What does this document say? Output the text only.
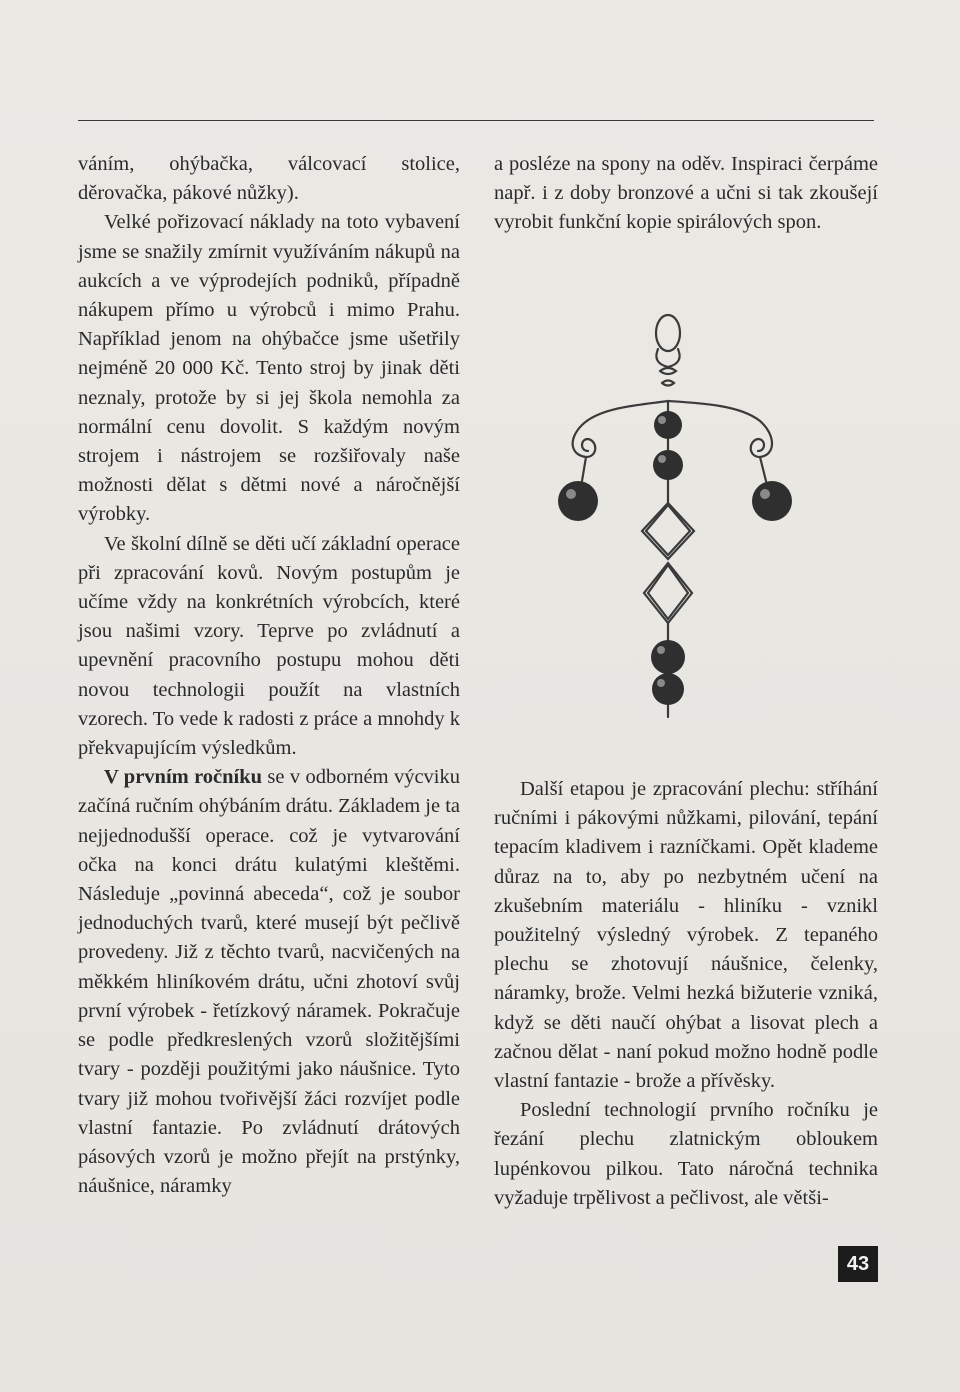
váním, ohýbačka, válcovací stolice, děrovačka, pákové nůžky).

Velké pořizovací náklady na toto vybavení jsme se snažily zmírnit využíváním nákupů na aukcích a ve výprodejích podniků, případně nákupem přímo u výrobců i mimo Prahu. Například jenom na ohýbačce jsme ušetřily nejméně 20 000 Kč. Tento stroj by jinak děti neznaly, protože by si jej škola nemohla za normální cenu dovolit. S každým novým strojem i nástrojem se rozšiřovaly naše možnosti dělat s dětmi nové a náročnější výrobky.

Ve školní dílně se děti učí základní operace při zpracování kovů. Novým postupům je učíme vždy na konkrétních výrobcích, které jsou našimi vzory. Teprve po zvládnutí a upevnění pracovního postupu mohou děti novou technologii použít na vlastních vzorech. To vede k radosti z práce a mnohdy k překvapujícím výsledkům.

V prvním ročníku se v odborném výcviku začíná ručním ohýbáním drátu. Základem je ta nejjednodušší operace. což je vytvarování očka na konci drátu kulatými kleštěmi. Následuje „povinná abeceda“, což je soubor jednoduchých tvarů, které musejí být pečlivě provedeny. Již z těchto tvarů, nacvičených na měkkém hliníkovém drátu, učni zhotoví svůj první výrobek - řetízkový náramek. Pokračuje se podle předkreslených vzorů složitějšími tvary - později použitými jako náušnice. Tyto tvary již mohou tvořivější žáci rozvíjet podle vlastní fantazie. Po zvládnutí drátových pásových vzorů je možno přejít na prstýnky, náušnice, náramky

a posléze na spony na oděv. Inspiraci čerpáme např. i z doby bronzové a učni si tak zkoušejí vyrobit funkční kopie spirálových spon.

Další etapou je zpracování plechu: stříhání ručními i pákovými nůžkami, pilování, tepání tepacím kladivem i razníčkami. Opět klademe důraz na to, aby po nezbytném učení na zkušebním materiálu - hliníku - vznikl použitelný výsledný výrobek. Z tepaného plechu se zhotovují náušnice, čelenky, náramky, brože. Velmi hezká bižuterie vzniká, když se děti naučí ohýbat a lisovat plech a začnou dělat - naní pokud možno hodně podle vlastní fantazie - brože a přívěsky.

Poslední technologií prvního ročníku je řezání plechu zlatnickým obloukem lupénkovou pilkou. Tato náročná technika vyžaduje trpělivost a pečlivost, ale větši-

43
